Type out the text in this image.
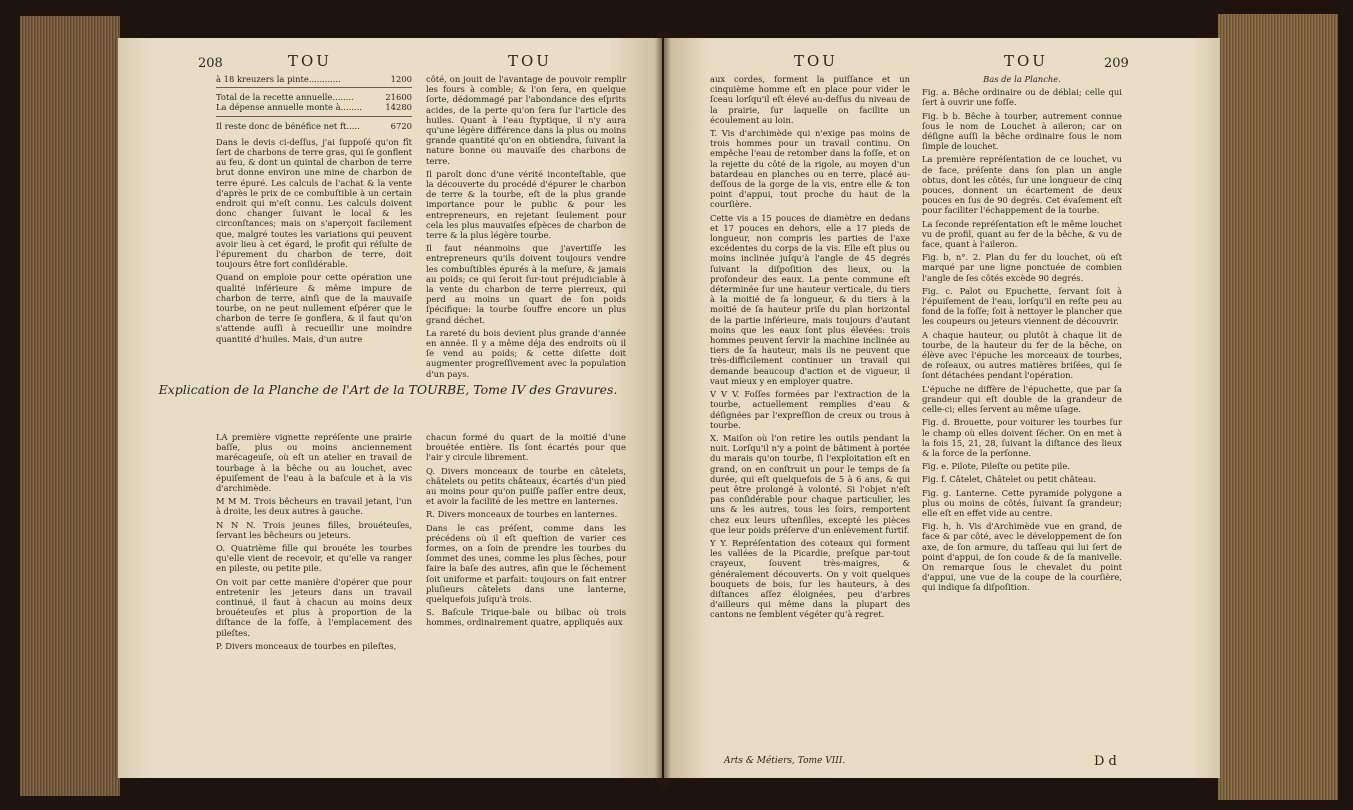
208	TOU	TOU
à 18 kreuzers la pinte............	1200
Total de la recette annuelle........	21600
La dépense annuelle monte à........	14280
Il reste donc de bénéfice net ft.....	6720

Dans le devis ci-deſſus, j'ai ſuppoſé qu'on fît ſert de charbons de terre gras, qui ſe gonflent au feu, & dont un quintal de charbon de terre brut donne environ une mine de charbon de terre épuré. Les calculs de l'achat & la vente d'après le prix de ce combuſtible à un certain endroit qui m'eſt connu. Les calculs doivent donc changer ſuivant le local & les circonſtances; mais on s'aperçoit facilement que, malgré toutes les variations qui peuvent avoir lieu à cet égard, le profit qui réſulte de l'épurement du charbon de terre, doit toujours être fort conſidérable.

Quand on emploie pour cette opération une qualité inférieure & même impure de charbon de terre, ainſi que de la mauvaiſe tourbe, on ne peut nullement eſpérer que le charbon de terre ſe gonflera, & il faut qu'on s'attende auſſi à recueillir une moindre quantité d'huiles. Mais, d'un autre

côté, on jouit de l'avantage de pouvoir remplir les fours à comble; & l'on ſera, en quelque ſorte, dédommagé par l'abondance des eſprits acides, de la perte qu'on ſera ſur l'article des huiles. Quant à l'eau ſtyptique, il n'y aura qu'une légère différence dans la plus ou moins grande quantité qu'on en obtiendra, ſuivant la nature bonne ou mauvaiſe des charbons de terre.

Il paroît donc d'une vérité inconteſtable, que la découverte du procédé d'épurer le charbon de terre & la tourbe, eſt de la plus grande importance pour le public & pour les entrepreneurs, en rejetant ſeulement pour cela les plus mauvaiſes eſpèces de charbon de terre & la plus légère tourbe.

Il faut néanmoins que j'avertiſſe les entrepreneurs qu'ils doivent toujours vendre les combuſtibles épurés à la meſure, & jamais au poids; ce qui ſeroit ſur-tout préjudiciable à la vente du charbon de terre pierreux, qui perd au moins un quart de ſon poids ſpécifique: la tourbe ſouffre encore un plus grand déchet.

La rareté du bois devient plus grande d'année en année. Il y a même déja des endroits où il ſe vend au poids; & cette diſette doit augmenter progreſſivement avec la population d'un pays.

Explication de la Planche de l'Art de la TOURBE, Tome IV des Gravures.

LA première vignette repréſente une prairie baſſe, plus ou moins anciennement marécageuſe, où eſt un atelier en travail de tourbage à la bêche ou au louchet, avec épuiſement de l'eau à la baſcule et à la vis d'archimède.

M M M. Trois bêcheurs en travail jetant, l'un à droite, les deux autres à gauche.

N N N. Trois jeunes filles, brouéteuſes, ſervant les bêcheurs ou jeteurs.

O. Quatrième fille qui brouéte les tourbes qu'elle vient de recevoir, et qu'elle va ranger en pileste, ou petite pile.

On voit par cette manière d'opérer que pour entretenir les jeteurs dans un travail continué, il faut à chacun au moins deux brouéteuſes et plus à proportion de la diſtance de la foſſe, à l'emplacement des pileſtes.

P. Divers monceaux de tourbes en pileſtes,

chacun formé du quart de la moitié d'une brouétée entière. Ils ſont écartés pour que l'air y circule librement.

Q. Divers monceaux de tourbe en câtelets, châtelets ou petits châteaux, écartés d'un pied au moins pour qu'on puiſſe paſſer entre deux, et avoir la facilité de les mettre en lanternes.

R. Divers monceaux de tourbes en lanternes.

Dans le cas préſent, comme dans les précédens où il eſt queſtion de varier ces formes, on a ſoin de prendre les tourbes du ſommet des unes, comme les plus ſèches, pour faire la baſe des autres, afin que le ſéchement ſoit uniforme et parfait: toujours on fait entrer pluſieurs câtelets dans une lanterne, quelquefois juſqu'à trois.

S. Baſcule Trique-bale ou bilbac où trois hommes, ordinairement quatre, appliqués aux

TOU	TOU	209

aux cordes, forment la puiſſance et un cinquième homme eſt en place pour vider le ſceau lorſqu'il eſt élevé au-deſſus du niveau de la prairie, ſur laquelle on facilite un écoulement au loin.

T. Vis d'archimède qui n'exige pas moins de trois hommes pour un travail continu. On empêche l'eau de retomber dans la foſſe, et on la rejette du côté de la rigole, au moyen d'un batardeau en planches ou en terre, placé au-deſſous de la gorge de la vis, entre elle & ton point d'appui, tout proche du haut de la courſière.

Cette vis a 15 pouces de diamètre en dedans et 17 pouces en dehors, elle a 17 pieds de longueur, non compris les parties de l'axe excédentes du corps de la vis. Elle eſt plus ou moins inclinée juſqu'à l'angle de 45 degrés ſuivant la diſpoſition des lieux, ou la profondeur des eaux. La pente commune eſt déterminée ſur une hauteur verticale, du tiers à la moitié de ſa longueur, & du tiers à la moitié de ſa hauteur priſe du plan horizontal de la partie inférieure, mais toujours d'autant moins que les eaux ſont plus élevées: trois hommes peuvent ſervir la machine inclinée au tiers de ſa hauteur, mais ils ne peuvent que très-difficilement continuer un travail qui demande beaucoup d'action et de vigueur, il vaut mieux y en employer quatre.

V V V. Foſſes formées par l'extraction de la tourbe, actuellement remplies d'eau & déſignées par l'expreſſion de creux ou trous à tourbe.

X. Maiſon où l'on retire les outils pendant la nuit. Lorſqu'il n'y a point de bâtiment à portée du marais qu'on tourbe, ſi l'exploitation eſt en grand, on en conſtruit un pour le temps de ſa durée, qui eſt quelquefois de 5 à 6 ans, & qui peut être prolongé à volonté. Si l'objet n'eſt pas conſidérable pour chaque particulier, les uns & les autres, tous les ſoirs, remportent chez eux leurs uſtenſiles, excepté les pièces que leur poids préſerve d'un enlèvement furtif.

Y Y. Repréſentation des coteaux qui forment les vallées de la Picardie, preſque par-tout crayeux, ſouvent très-maigres, & généralement découverts. On y voit quelques bouquets de bois, ſur les hauteurs, à des diſtances aſſez éloignées, peu d'arbres d'ailleurs qui même dans la plupart des cantons ne ſemblent végéter qu'à regret.

Arts & Métiers, Tome VIII.

Bas de la Planche.

Fig. a. Bêche ordinaire ou de déblai; celle qui ſert à ouvrir une foſſe.

Fig. b b. Bêche à tourber, autrement connue ſous le nom de Louchet à aileron; car on déſigne auſſi la bêche ordinaire ſous le nom ſimple de louchet.

La première repréſentation de ce louchet, vu de face, préſente dans ſon plan un angle obtus, dont les côtés, ſur une longueur de cinq pouces, donnent un écartement de deux pouces en ſus de 90 degrés. Cet évaſement eſt pour faciliter l'échappement de la tourbe.

La ſeconde repréſentation eſt le même louchet vu de profil, quant au fer de la bêche, & vu de face, quant à l'aileron.

Fig. b, n°. 2. Plan du fer du louchet, où eſt marqué par une ligne ponctuée de combien l'angle de ſes côtés excède 90 degrés.

Fig. c. Palot ou Epuchette, ſervant ſoit à l'épuiſement de l'eau, lorſqu'il en reſte peu au fond de la foſſe; ſoit à nettoyer le plancher que les coupeurs ou jeteurs viennent de découvrir.

A chaque hauteur, ou plutôt à chaque lit de tourbe, de la hauteur du fer de la bêche, on élève avec l'épuche les morceaux de tourbes, de roſeaux, ou autres matières briſées, qui ſe ſont détachées pendant l'opération.

L'épuche ne diffère de l'épuchette, que par ſa grandeur qui eſt double de la grandeur de celle-ci; elles ſervent au même uſage.

Fig. d. Brouette, pour voiturer les tourbes ſur le champ où elles doivent ſécher. On en met à la fois 15, 21, 28, ſuivant la diſtance des lieux & la force de la perſonne.

Fig. e. Pilote, Pileſte ou petite pile.

Fig. f. Câtelet, Châtelet ou petit château.

Fig. g. Lanterne. Cette pyramide polygone a plus ou moins de côtés, ſuivant ſa grandeur; elle eſt en effet vide au centre.

Fig. h, h. Vis d'Archimède vue en grand, de face & par côté, avec le développement de ſon axe, de ſon armure, du taſſeau qui lui ſert de point d'appui, de ſon coude & de ſa manivelle. On remarque ſous le chevalet du point d'appui, une vue de la coupe de la courſière, qui indique ſa diſpoſition.

D d
